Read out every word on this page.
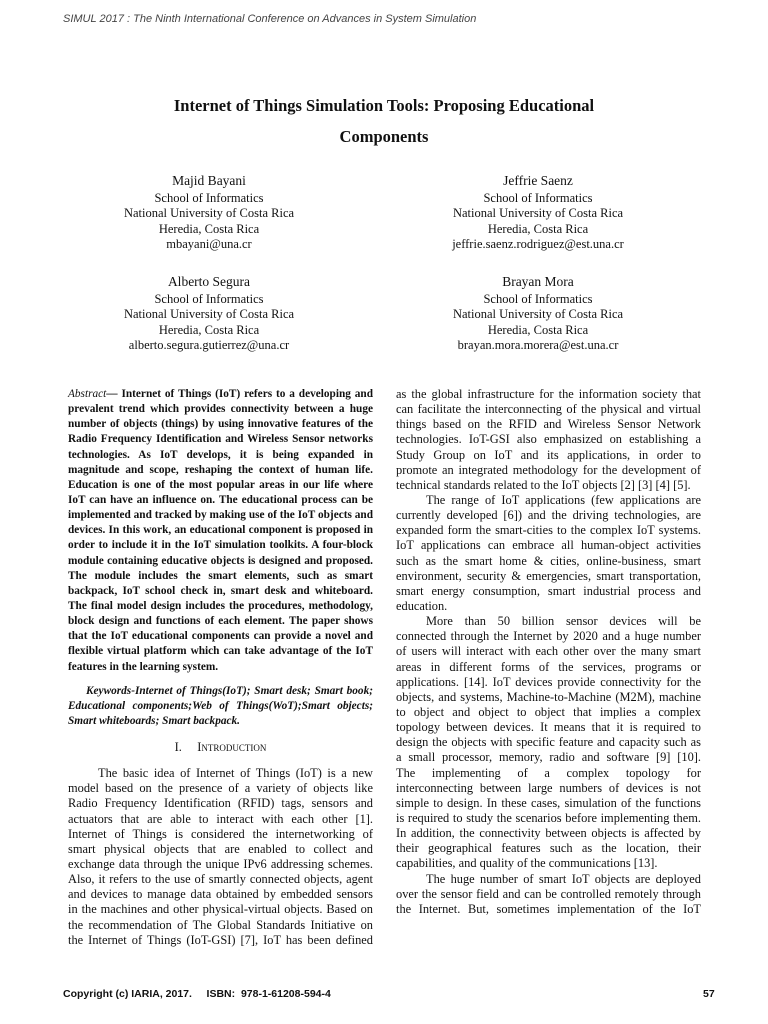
SIMUL 2017 : The Ninth International Conference on Advances in System Simulation
Internet of Things Simulation Tools: Proposing Educational
Components
Majid Bayani
School of Informatics
National University of Costa Rica
Heredia, Costa Rica
mbayani@una.cr
Jeffrie Saenz
School of Informatics
National University of Costa Rica
Heredia, Costa Rica
jeffrie.saenz.rodriguez@est.una.cr
Alberto Segura
School of Informatics
National University of Costa Rica
Heredia, Costa Rica
alberto.segura.gutierrez@una.cr
Brayan Mora
School of Informatics
National University of Costa Rica
Heredia, Costa Rica
brayan.mora.morera@est.una.cr
Abstract— Internet of Things (IoT) refers to a developing and
prevalent trend which provides connectivity between a huge
number of objects (things) by using innovative features of the
Radio Frequency Identification and Wireless Sensor networks
technologies. As IoT develops, it is being expanded in
magnitude and scope, reshaping the context of human life.
Education is one of the most popular areas in our life where
IoT can have an influence on. The educational process can be
implemented and tracked by making use of the IoT objects and
devices. In this work, an educational component is proposed in
order to include it in the IoT simulation toolkits. A four-block
module containing educative objects is designed and proposed.
The module includes the smart elements, such as smart
backpack, IoT school check in, smart desk and whiteboard.
The final model design includes the procedures, methodology,
block design and functions of each element. The paper shows
that the IoT educational components can provide a novel and
flexible virtual platform which can take advantage of the IoT
features in the learning system.
Keywords-Internet of Things(IoT); Smart desk; Smart book;
Educational components;Web of Things(WoT);Smart objects;
Smart whiteboards; Smart backpack.
I. Introduction
The basic idea of Internet of Things (IoT) is a new
model based on the presence of a variety of objects like
Radio Frequency Identification (RFID) tags, sensors and
actuators that are able to interact with each other [1].
Internet of Things is considered the internetworking of
smart physical objects that are enabled to collect and
exchange data through the unique IPv6 addressing schemes.
Also, it refers to the use of smartly connected objects, agent
and devices to manage data obtained by embedded sensors
in the machines and other physical-virtual objects. Based on
the recommendation of The Global Standards Initiative on
the Internet of Things (IoT-GSI) [7], IoT has been defined
as the global infrastructure for the information society that
can facilitate the interconnecting of the physical and virtual
things based on the RFID and Wireless Sensor Network
technologies. IoT-GSI also emphasized on establishing a
Study Group on IoT and its applications, in order to
promote an integrated methodology for the development of
technical standards related to the IoT objects [2] [3] [4] [5].
The range of IoT applications (few applications are
currently developed [6]) and the driving technologies, are
expanded form the smart-cities to the complex IoT systems.
IoT applications can embrace all human-object activities
such as the smart home & cities, online-business, smart
environment, security & emergencies, smart transportation,
smart energy consumption, smart industrial process and
education.
More than 50 billion sensor devices will be
connected through the Internet by 2020 and a huge number
of users will interact with each other over the many smart
areas in different forms of the services, programs or
applications. [14]. IoT devices provide connectivity for the
objects, and systems, Machine-to-Machine (M2M), machine
to object and object to object that implies a complex
topology between devices. It means that it is required to
design the objects with specific feature and capacity such as
a small processor, memory, radio and software [9] [10].
The implementing of a complex topology for
interconnecting between large numbers of devices is not
simple to design. In these cases, simulation of the functions
is required to study the scenarios before implementing them.
In addition, the connectivity between objects is affected by
their geographical features such as the location, their
capabilities, and quality of the communications [13].
The huge number of smart IoT objects are deployed
over the sensor field and can be controlled remotely through
the Internet. But, sometimes implementation of the IoT
Copyright (c) IARIA, 2017.     ISBN:  978-1-61208-594-4	57
